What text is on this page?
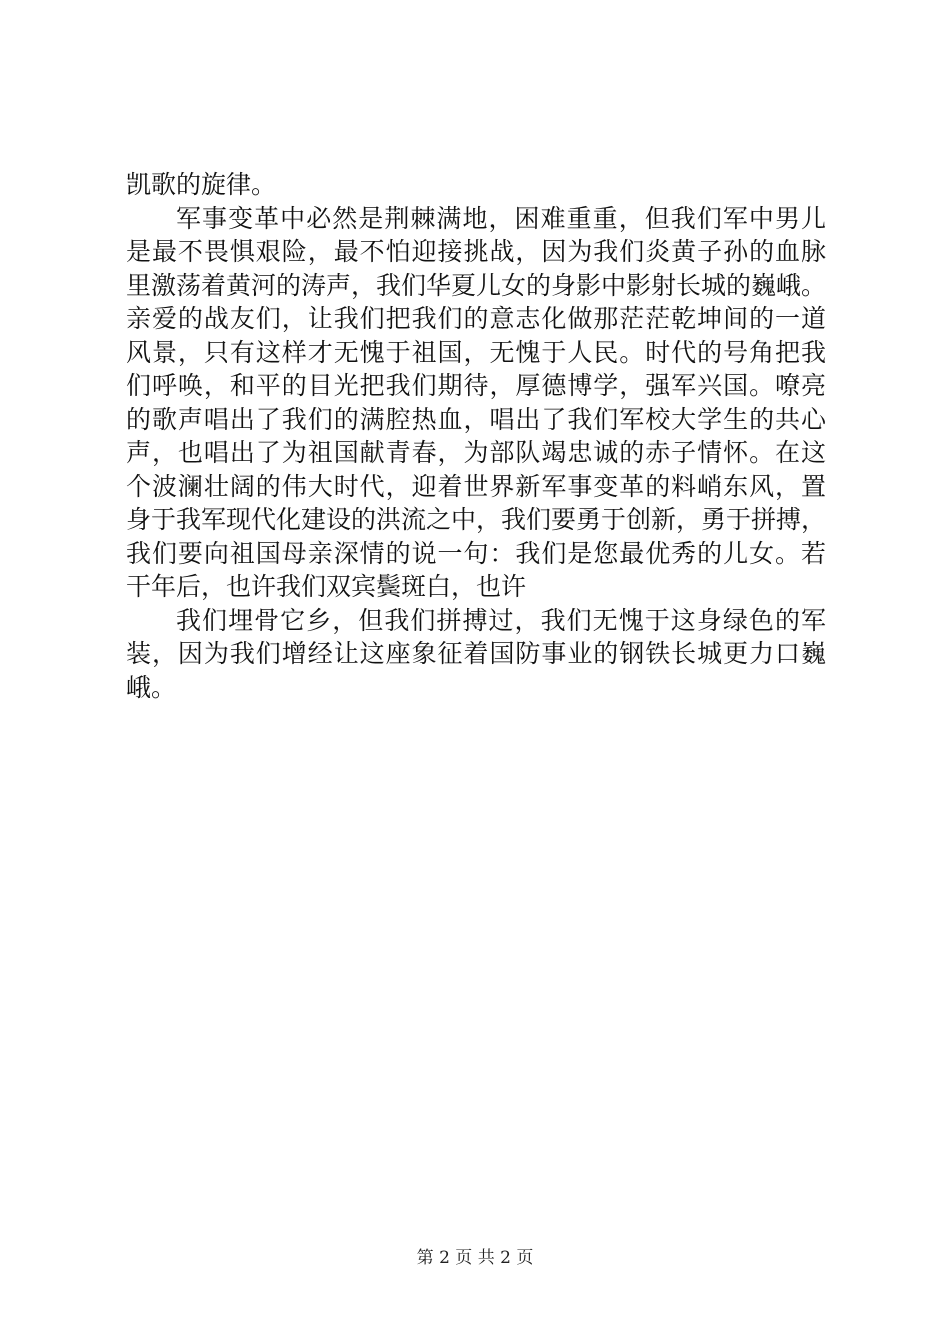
凯歌的旋律。
军事变革中必然是荆棘满地，困难重重，但我们军中男儿
是最不畏惧艰险，最不怕迎接挑战，因为我们炎黄子孙的血脉
里激荡着黄河的涛声，我们华夏儿女的身影中影射长城的巍峨。
亲爱的战友们，让我们把我们的意志化做那茫茫乾坤间的一道
风景，只有这样才无愧于祖国，无愧于人民。时代的号角把我
们呼唤，和平的目光把我们期待，厚德博学，强军兴国。嘹亮
的歌声唱出了我们的满腔热血，唱出了我们军校大学生的共心
声，也唱出了为祖国献青春，为部队竭忠诚的赤子情怀。在这
个波澜壮阔的伟大时代，迎着世界新军事变革的料峭东风，置
身于我军现代化建设的洪流之中，我们要勇于创新，勇于拼搏，
我们要向祖国母亲深情的说一句：我们是您最优秀的儿女。若
干年后，也许我们双宾鬓斑白，也许
我们埋骨它乡，但我们拼搏过，我们无愧于这身绿色的军
装，因为我们增经让这座象征着国防事业的钢铁长城更力口巍
峨。
第 2 页 共 2 页
